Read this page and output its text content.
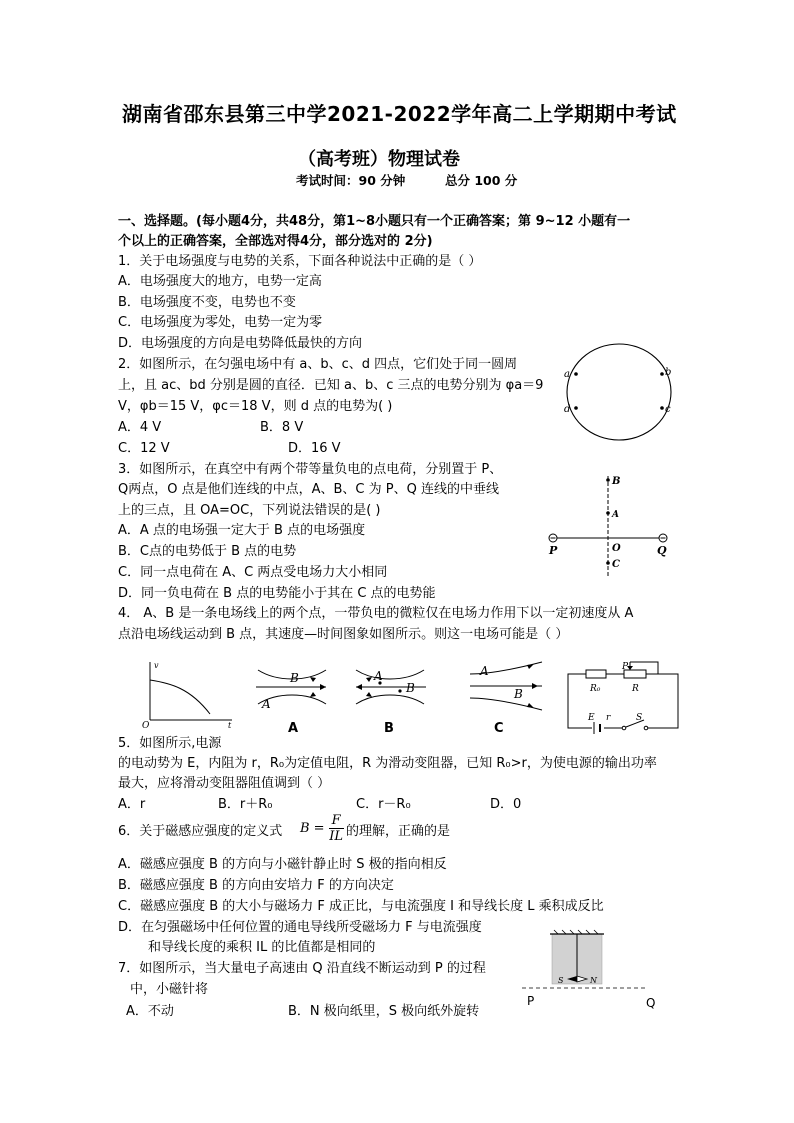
湖南省邵东县第三中学2021-2022学年高二上学期期中考试
（高考班）物理试卷
考试时间：90 分钟	总分 100 分
一、选择题。(每小题4分，共48分，第1~8小题只有一个正确答案；第 9~12 小题有一
个以上的正确答案，全部选对得4分，部分选对的 2分)
1．关于电场强度与电势的关系，下面各种说法中正确的是（ ）
A．电场强度大的地方，电势一定高
B．电场强度不变，电势也不变
C．电场强度为零处，电势一定为零
D．电场强度的方向是电势降低最快的方向
2．如图所示，在匀强电场中有 a、b、c、d 四点，它们处于同一圆周
上，且 ac、bd 分别是圆的直径．已知 a、b、c 三点的电势分别为 φa＝9
V，φb＝15 V，φc＝18 V，则 d 点的电势为( )
A．4 V	B．8 V
C．12 V	D．16 V
a	b
c
d
3．如图所示，在真空中有两个带等量负电的点电荷，分别置于 P、
Q两点，O 点是他们连线的中点，A、B、C 为 P、Q 连线的中垂线
上的三点，且 OA=OC，下列说法错误的是( )
A．A 点的电场强一定大于 B 点的电场强度
B．C点的电势低于 B 点的电势
C．同一点电荷在 A、C 两点受电场力大小相同
D．同一负电荷在 B 点的电势能小于其在 C 点的电势能
B
A
O
C
P	Q
4． A、B 是一条电场线上的两个点，一带负电的微粒仅在电场力作用下以一定初速度从 A
点沿电场线运动到 B 点，其速度—时间图象如图所示。则这一电场可能是（ ）
v
t
O
B
A
A
A
B
B
A
B
C
R₀
P
R
E r	S
5．如图所示,电源
的电动势为 E，内阻为 r，R₀为定值电阻，R 为滑动变阻器，已知 R₀>r，为使电源的输出功率
最大，应将滑动变阻器阻值调到（ ）
A．r	B．r＋R₀	C．r－R₀	D．0
6．关于磁感应强度的定义式 $B = \frac{F}{IL}$ 的理解，正确的是
A．磁感应强度 B 的方向与小磁针静止时 S 极的指向相反
B．磁感应强度 B 的方向由安培力 F 的方向决定
C．磁感应强度 B 的大小与磁场力 F 成正比，与电流强度 I 和导线长度 L 乘积成反比
D．在匀强磁场中任何位置的通电导线所受磁场力 F 与电流强度
和导线长度的乘积 IL 的比值都是相同的
S	N
P	Q
7．如图所示，当大量电子高速由 Q 沿直线不断运动到 P 的过程
中，小磁针将
A．不动	B．N 极向纸里，S 极向纸外旋转
